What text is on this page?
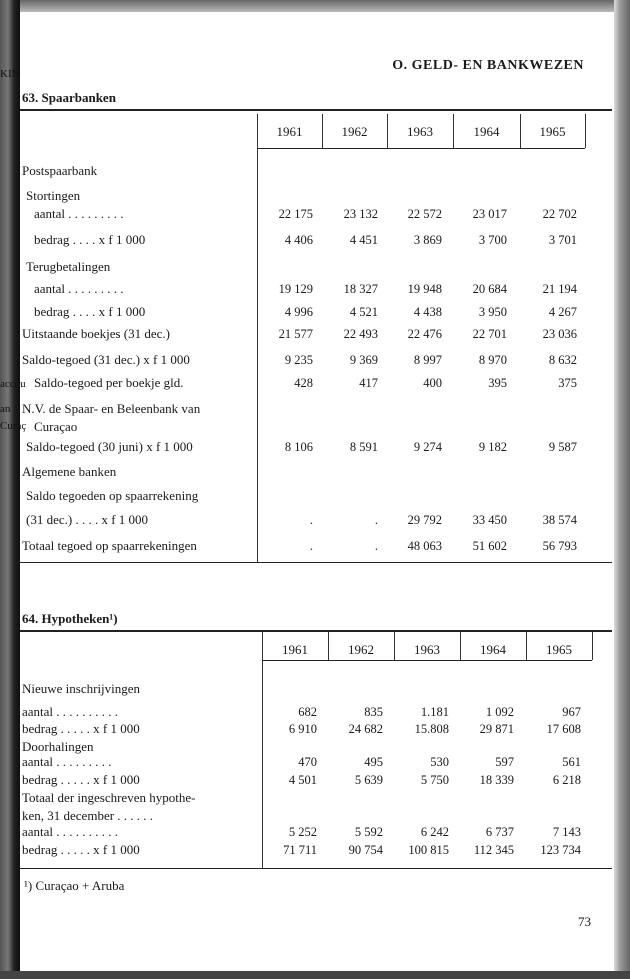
KIN
accou
an
Curaç
O. GELD- EN BANKWEZEN
63. Spaarbanken
1961	1962	1963	1964	1965
Postspaarbank
Stortingen
aantal . . . . . . . . .	22 175	23 132	22 572	23 017	22 702
bedrag . . . . x f 1 000	4 406	4 451	3 869	3 700	3 701
Terugbetalingen
aantal . . . . . . . . .	19 129	18 327	19 948	20 684	21 194
bedrag . . . . x f 1 000	4 996	4 521	4 438	3 950	4 267
Uitstaande boekjes (31 dec.)	21 577	22 493	22 476	22 701	23 036
Saldo-tegoed (31 dec.) x f 1 000	9 235	9 369	8 997	8 970	8 632
Saldo-tegoed per boekje gld.	428	417	400	395	375
N.V. de Spaar- en Beleenbank van
Curaçao
Saldo-tegoed (30 juni) x f 1 000	8 106	8 591	9 274	9 182	9 587
Algemene banken
Saldo tegoeden op spaarrekening
(31 dec.) . . . . x f 1 000	.	.	29 792	33 450	38 574
Totaal tegoed op spaarrekeningen	.	.	48 063	51 602	56 793
64. Hypotheken¹)
1961	1962	1963	1964	1965
Nieuwe inschrijvingen
aantal . . . . . . . . . .	682	835	1.181	1 092	967
bedrag . . . . . x f 1 000	6 910	24 682	15.808	29 871	17 608
Doorhalingen
aantal . . . . . . . . .	470	495	530	597	561
bedrag . . . . . x f 1 000	4 501	5 639	5 750	18 339	6 218
Totaal der ingeschreven hypothe-
ken, 31 december . . . . . .
aantal . . . . . . . . . .	5 252	5 592	6 242	6 737	7 143
bedrag . . . . . x f 1 000	71 711	90 754	100 815	112 345	123 734
¹) Curaçao + Aruba
73
